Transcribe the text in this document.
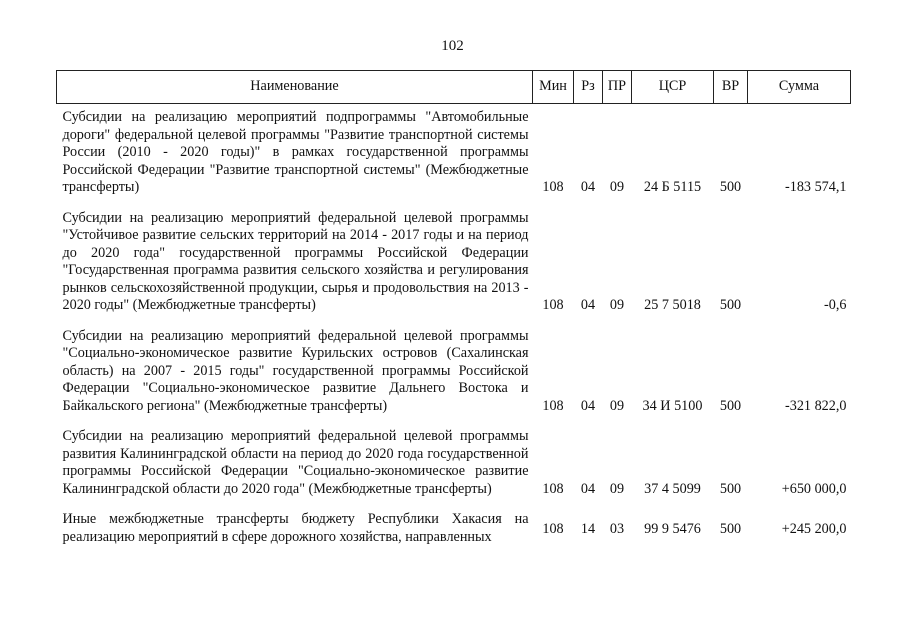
102
Наименование	Мин	Рз	ПР	ЦСР	ВР	Сумма
Субсидии на реализацию мероприятий подпрограммы "Автомобильные дороги" федеральной целевой программы "Развитие транспортной системы России (2010 - 2020 годы)" в рамках государственной программы Российской Федерации "Развитие транспортной системы" (Межбюджетные трансферты)	108	04	09	24 Б 5115	500	-183 574,1
Субсидии на реализацию мероприятий федеральной целевой программы "Устойчивое развитие сельских территорий на 2014 - 2017 годы и на период до 2020 года" государственной программы Российской Федерации "Государственная программа развития сельского хозяйства и регулирования рынков сельскохозяйственной продукции, сырья и продовольствия на 2013 - 2020 годы" (Межбюджетные трансферты)	108	04	09	25 7 5018	500	-0,6
Субсидии на реализацию мероприятий федеральной целевой программы "Социально-экономическое развитие Курильских островов (Сахалинская область) на 2007 - 2015 годы" государственной программы Российской Федерации "Социально-экономическое развитие Дальнего Востока и Байкальского региона" (Межбюджетные трансферты)	108	04	09	34 И 5100	500	-321 822,0
Субсидии на реализацию мероприятий федеральной целевой программы развития Калининградской области на период до 2020 года государственной программы Российской Федерации "Социально-экономическое развитие Калининградской области до 2020 года" (Межбюджетные трансферты)	108	04	09	37 4 5099	500	+650 000,0
Иные межбюджетные трансферты бюджету Республики Хакасия на реализацию мероприятий в сфере дорожного хозяйства, направленных	108	14	03	99 9 5476	500	+245 200,0
